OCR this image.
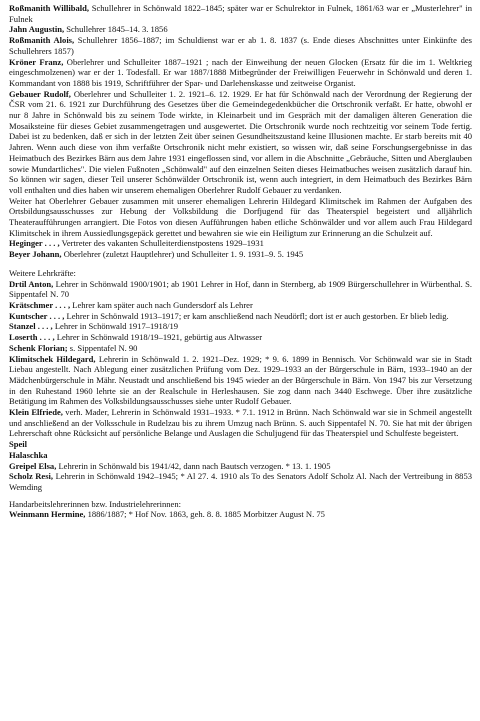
Roßmanith Willibald, Schullehrer in Schönwald 1822–1845; später war er Schulrektor in Fulnek, 1861/63 war er „Musterlehrer" in Fulnek

Jahn Augustin, Schullehrer 1845–14. 3. 1856

Roßmanith Alois, Schullehrer 1856–1887; im Schuldienst war er ab 1. 8. 1837 (s. Ende dieses Abschnittes unter Einkünfte des Schullehrers 1857)

Kröner Franz, Oberlehrer und Schulleiter 1887–1921 ; nach der Einweihung der neuen Glocken (Ersatz für die im 1. Weltkrieg eingeschmolzenen) war er der 1. Todesfall. Er war 1887/1888 Mitbegründer der Freiwilligen Feuerwehr in Schönwald und deren 1. Kommandant von 1888 bis 1919, Schriftführer der Spar- und Darlehenskasse und zeitweise Organist.

Gebauer Rudolf, Oberlehrer und Schulleiter 1. 2. 1921–6. 12. 1929. Er hat für Schönwald nach der Verordnung der Regierung der ČSR vom 21. 6. 1921 zur Durchführung des Gesetzes über die Gemeindegedenkbücher die Ortschronik verfaßt. Er hatte, obwohl er nur 8 Jahre in Schönwald bis zu seinem Tode wirkte, in Kleinarbeit und im Gespräch mit der damaligen älteren Generation die Mosaiksteine für dieses Gebiet zusammengetragen und ausgewertet. Die Ortschronik wurde noch rechtzeitig vor seinem Tode fertig. Dabei ist zu bedenken, daß er sich in der letzten Zeit über seinen Gesundheitszustand keine Illusionen machte. Er starb bereits mit 40 Jahren. Wenn auch diese von ihm verfaßte Ortschronik nicht mehr existiert, so wissen wir, daß seine Forschungsergebnisse in das Heimatbuch des Bezirkes Bärn aus dem Jahre 1931 eingeflossen sind, vor allem in die Abschnitte „Gebräuche, Sitten und Aberglauben sowie Mundartliches". Die vielen Fußnoten „Schönwald" auf den einzelnen Seiten dieses Heimatbuches weisen zusätzlich darauf hin. So können wir sagen, dieser Teil unserer Schönwälder Ortschronik ist, wenn auch integriert, in dem Heimatbuch des Bezirkes Bärn voll enthalten und dies haben wir unserem ehemaligen Oberlehrer Rudolf Gebauer zu verdanken.

Weiter hat Oberlehrer Gebauer zusammen mit unserer ehemaligen Lehrerin Hildegard Klimitschek im Rahmen der Aufgaben des Ortsbildungsausschusses zur Hebung der Volksbildung die Dorfjugend für das Theaterspiel begeistert und alljährlich Theateraufführungen arrangiert. Die Fotos von diesen Aufführungen haben etliche Schönwälder und vor allem auch Frau Hildegard Klimitschek in ihrem Aussiedlungsgepäck gerettet und bewahren sie wie ein Heiligtum zur Erinnerung an die Schulzeit auf.

Heginger . . . , Vertreter des vakanten Schulleiterdienstpostens 1929–1931

Beyer Johann, Oberlehrer (zuletzt Hauptlehrer) und Schulleiter 1. 9. 1931–9. 5. 1945

Weitere Lehrkräfte:

Drtil Anton, Lehrer in Schönwald 1900/1901; ab 1901 Lehrer in Hof, dann in Sternberg, ab 1909 Bürgerschullehrer in Würbenthal. S. Sippentafel N. 70

Krätschmer . . . , Lehrer kam später auch nach Gundersdorf als Lehrer

Kuntscher . . . , Lehrer in Schönwald 1913–1917; er kam anschließend nach Neudörfl; dort ist er auch gestorben. Er blieb ledig.

Stanzel . . . , Lehrer in Schönwald 1917–1918/19

Loserth . . . , Lehrer in Schönwald 1918/19–1921, gebürtig aus Altwasser

Schenk Florian; s. Sippentafel N. 90

Klimitschek Hildegard, Lehrerin in Schönwald 1. 2. 1921–Dez. 1929; * 9. 6. 1899 in Bennisch. Vor Schönwald war sie in Stadt Liebau angestellt. Nach Ablegung einer zusätzlichen Prüfung vom Dez. 1929–1933 an der Bürgerschule in Bärn, 1933–1940 an der Mädchenbürgerschule in Mähr. Neustadt und anschließend bis 1945 wieder an der Bürgerschule in Bärn. Von 1947 bis zur Versetzung in den Ruhestand 1960 lehrte sie an der Realschule in Herleshausen. Sie zog dann nach 3440 Eschwege. Über ihre zusätzliche Betätigung im Rahmen des Volksbildungsausschusses siehe unter Rudolf Gebauer.

Klein Elfriede, verh. Mader, Lehrerin in Schönwald 1931–1933. * 7.1. 1912 in Brünn. Nach Schönwald war sie in Schmeil angestellt und anschließend an der Volksschule in Rudelzau bis zu ihrem Umzug nach Brünn. S. auch Sippentafel N. 70. Sie hat mit der übrigen Lehrerschaft ohne Rücksicht auf persönliche Belange und Auslagen die Schuljugend für das Theaterspiel und Schulfeste begeistert.

Speil

Halaschka

Greipel Elsa, Lehrerin in Schönwald bis 1941/42, dann nach Bautsch verzogen. * 13. 1. 1905

Scholz Resi, Lehrerin in Schönwald 1942–1945; * Al 27. 4. 1910 als To des Senators Adolf Scholz Al. Nach der Vertreibung in 8853 Wemding

Handarbeitslehrerinnen bzw. Industrielehrerinnen:

Weinmann Hermine, 1886/1887; * Hof Nov. 1863, geh. 8. 8. 1885 Morbitzer August N. 75
